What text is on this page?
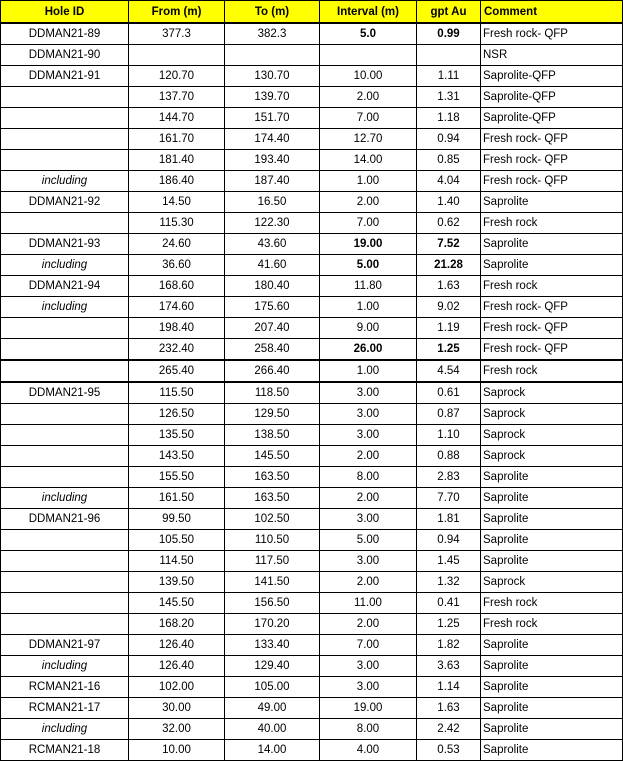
Hole ID	From (m)	To (m)	Interval (m)	gpt Au	Comment
DDMAN21-89	377.3	382.3	5.0	0.99	Fresh rock- QFP
DDMAN21-90					NSR
DDMAN21-91	120.70	130.70	10.00	1.11	Saprolite-QFP
	137.70	139.70	2.00	1.31	Saprolite-QFP
	144.70	151.70	7.00	1.18	Saprolite-QFP
	161.70	174.40	12.70	0.94	Fresh rock- QFP
	181.40	193.40	14.00	0.85	Fresh rock- QFP
including	186.40	187.40	1.00	4.04	Fresh rock- QFP
DDMAN21-92	14.50	16.50	2.00	1.40	Saprolite
	115.30	122.30	7.00	0.62	Fresh rock
DDMAN21-93	24.60	43.60	19.00	7.52	Saprolite
including	36.60	41.60	5.00	21.28	Saprolite
DDMAN21-94	168.60	180.40	11.80	1.63	Fresh rock
including	174.60	175.60	1.00	9.02	Fresh rock- QFP
	198.40	207.40	9.00	1.19	Fresh rock- QFP
	232.40	258.40	26.00	1.25	Fresh rock- QFP
	265.40	266.40	1.00	4.54	Fresh rock
DDMAN21-95	115.50	118.50	3.00	0.61	Saprock
	126.50	129.50	3.00	0.87	Saprock
	135.50	138.50	3.00	1.10	Saprock
	143.50	145.50	2.00	0.88	Saprock
	155.50	163.50	8.00	2.83	Saprolite
including	161.50	163.50	2.00	7.70	Saprolite
DDMAN21-96	99.50	102.50	3.00	1.81	Saprolite
	105.50	110.50	5.00	0.94	Saprolite
	114.50	117.50	3.00	1.45	Saprolite
	139.50	141.50	2.00	1.32	Saprock
	145.50	156.50	11.00	0.41	Fresh rock
	168.20	170.20	2.00	1.25	Fresh rock
DDMAN21-97	126.40	133.40	7.00	1.82	Saprolite
including	126.40	129.40	3.00	3.63	Saprolite
RCMAN21-16	102.00	105.00	3.00	1.14	Saprolite
RCMAN21-17	30.00	49.00	19.00	1.63	Saprolite
including	32.00	40.00	8.00	2.42	Saprolite
RCMAN21-18	10.00	14.00	4.00	0.53	Saprolite
